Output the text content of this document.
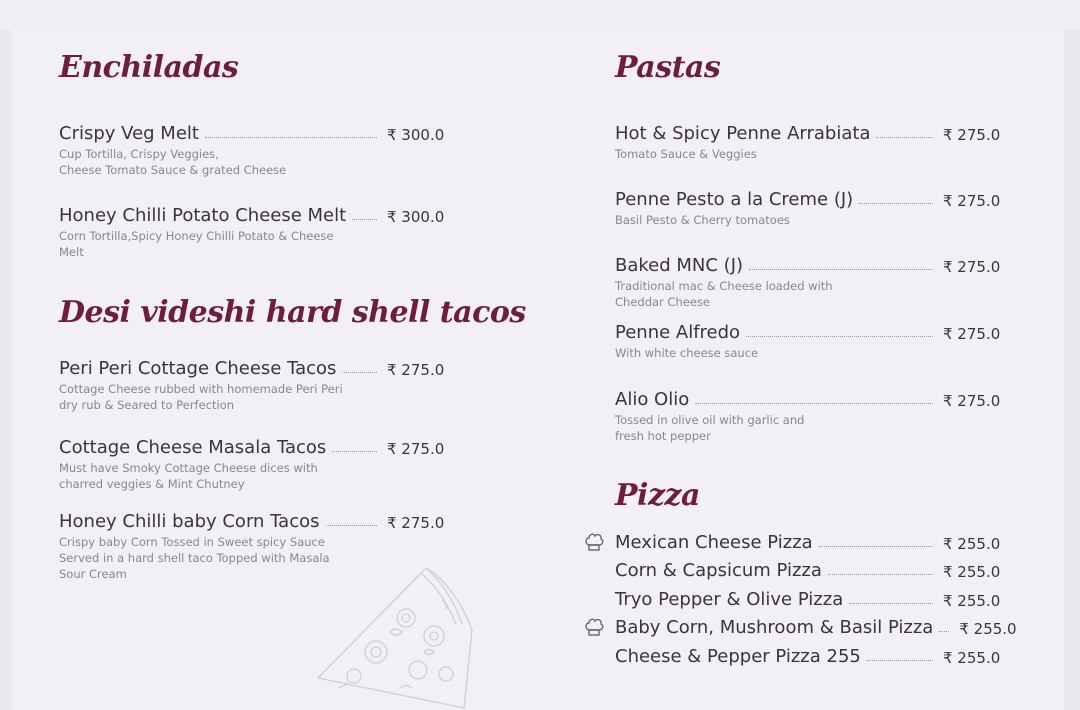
Enchiladas
Crispy Veg Melt	₹ 300.0
Cup Tortilla, Crispy Veggies,
Cheese Tomato Sauce & grated Cheese
Honey Chilli Potato Cheese Melt	₹ 300.0
Corn Tortilla,Spicy Honey Chilli Potato & Cheese Melt
Desi videshi hard shell tacos
Peri Peri Cottage Cheese Tacos	₹ 275.0
Cottage Cheese rubbed with homemade Peri Peri
dry rub & Seared to Perfection
Cottage Cheese Masala Tacos	₹ 275.0
Must have Smoky Cottage Cheese dices with
charred veggies & Mint Chutney
Honey Chilli baby Corn Tacos	₹ 275.0
Crispy baby Corn Tossed in Sweet spicy Sauce
Served in a hard shell taco Topped with Masala
Sour Cream
Pastas
Hot & Spicy Penne Arrabiata	₹ 275.0
Tomato Sauce & Veggies
Penne Pesto a la Creme (J)	₹ 275.0
Basil Pesto & Cherry tomatoes
Baked MNC (J)	₹ 275.0
Traditional mac & Cheese loaded with
Cheddar Cheese
Penne Alfredo	₹ 275.0
With white cheese sauce
Alio Olio	₹ 275.0
Tossed in olive oil with garlic and
fresh hot pepper
Pizza
Mexican Cheese Pizza	₹ 255.0
Corn & Capsicum Pizza	₹ 255.0
Tryo Pepper & Olive Pizza	₹ 255.0
Baby Corn, Mushroom & Basil Pizza ₹ 255.0
Cheese & Pepper Pizza 255	₹ 255.0
